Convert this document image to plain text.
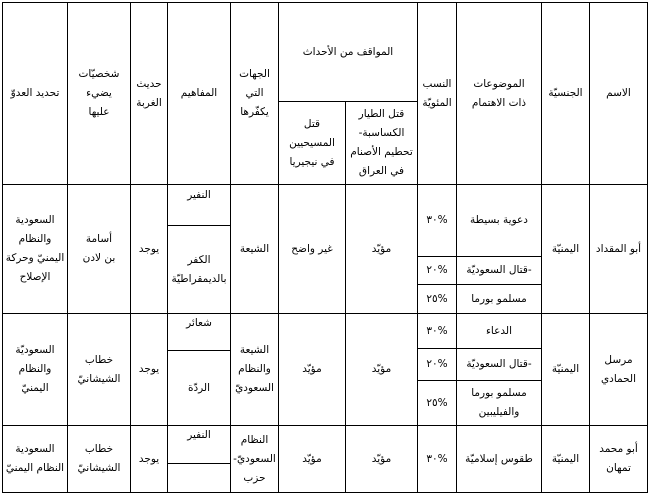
الاسم
الجنسيّة
الموضوعات ذات الاهتمام
النسب المئويّة
المواقف من الأحداث
قتل الطيار الكساسبة- تحطيم الأصنام في العراق
قتل المسيحيين في نيجيريا
الجهات التي يكفّرها
المفاهيم
حديث الغربة
شخصيّات يضيء عليها
تحديد العدوّ
أبو المقداد
اليمنيّة
دعوية بسيطة
قتال السعوديّة-
مسلمو بورما
٣٠%
٢٠%
٢٥%
مؤيّد
غير واضح
الشيعة
النفير
الكفر بالديمقراطيّة
يوجد
أسامة بن لادن
السعودية والنظام اليمنيّ وحركة الإصلاح
مرسل الحمادي
اليمنيّة
الدعاء
قتال السعوديّة-
مسلمو بورما والفيليبين
٣٠%
٢٠%
٢٥%
مؤيّد
مؤيّد
الشيعة والنظام السعوديّ
شعائر
الردّة
يوجد
خطاب الشيشانيّ
السعوديّة والنظام اليمنيّ
أبو محمد تمهان
اليمنيّة
طقوس إسلاميّة
٣٠%
مؤيّد
مؤيّد
النظام السعوديّ- حزب
النفير
يوجد
خطاب الشيشانيّ
السعودية النظام اليمنيّ
